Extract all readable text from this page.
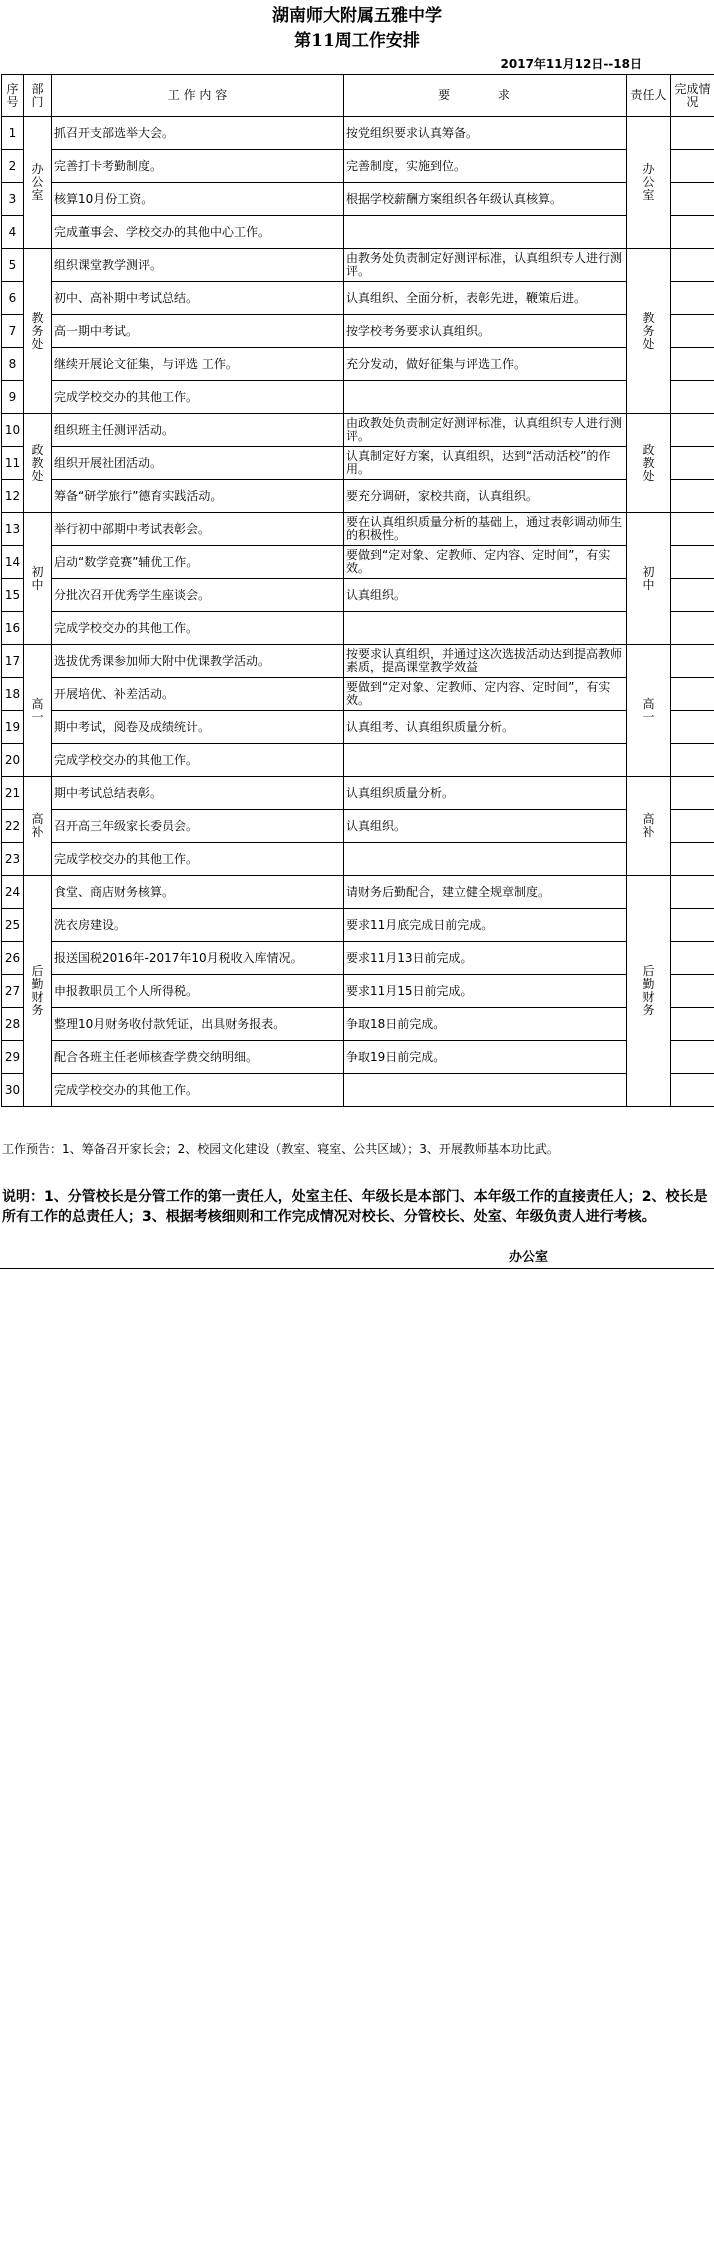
湖南师大附属五雅中学
第11周工作安排
2017年11月12日--18日
序号	部门	工 作 内 容	要 求	责任人	完成情况
1	办公室	抓召开支部选举大会。	按党组织要求认真筹备。	办公室	
2		完善打卡考勤制度。	完善制度，实施到位。		
3		核算10月份工资。	根据学校薪酬方案组织各年级认真核算。		
4		完成董事会、学校交办的其他中心工作。			
5	教务处	组织课堂教学测评。	由教务处负责制定好测评标准，认真组织专人进行测评。	教务处	
6		初中、高补期中考试总结。	认真组织、全面分析，表彰先进，鞭策后进。		
7		高一期中考试。	按学校考务要求认真组织。		
8		继续开展论文征集，与评选 工作。	充分发动，做好征集与评选工作。		
9		完成学校交办的其他工作。			
10	政教处	组织班主任测评活动。	由政教处负责制定好测评标准，认真组织专人进行测评。	政教处	
11		组织开展社团活动。	认真制定好方案，认真组织，达到“活动活校”的作用。		
12		筹备“研学旅行”德育实践活动。	要充分调研，家校共商，认真组织。		
13	初中	举行初中部期中考试表彰会。	要在认真组织质量分析的基础上，通过表彰调动师生的积极性。	初中	
14		启动“数学竞赛”辅优工作。	要做到“定对象、定教师、定内容、定时间”，有实效。		
15		分批次召开优秀学生座谈会。	认真组织。		
16		完成学校交办的其他工作。			
17	高一	选拔优秀课参加师大附中优课教学活动。	按要求认真组织，并通过这次选拔活动达到提高教师素质，提高课堂教学效益	高一	
18		开展培优、补差活动。	要做到“定对象、定教师、定内容、定时间”，有实效。		
19		期中考试，阅卷及成绩统计。	认真组考、认真组织质量分析。		
20		完成学校交办的其他工作。			
21	高补	期中考试总结表彰。	认真组织质量分析。	高补	
22		召开高三年级家长委员会。	认真组织。		
23		完成学校交办的其他工作。			
24	后勤财务	食堂、商店财务核算。	请财务后勤配合，建立健全规章制度。	后勤财务	
25		洗衣房建设。	要求11月底完成日前完成。		
26		报送国税2016年-2017年10月税收入库情况。	要求11月13日前完成。		
27		申报教职员工个人所得税。	要求11月15日前完成。		
28		整理10月财务收付款凭证，出具财务报表。	争取18日前完成。		
29		配合各班主任老师核查学费交纳明细。	争取19日前完成。		
30		完成学校交办的其他工作。			
工作预告：1、筹备召开家长会；2、校园文化建设（教室、寝室、公共区域）；3、开展教师基本功比武。
说明：1、分管校长是分管工作的第一责任人，处室主任、年级长是本部门、本年级工作的直接责任人；2、校长是所有工作的总责任人；3、根据考核细则和工作完成情况对校长、分管校长、处室、年级负责人进行考核。
办公室
